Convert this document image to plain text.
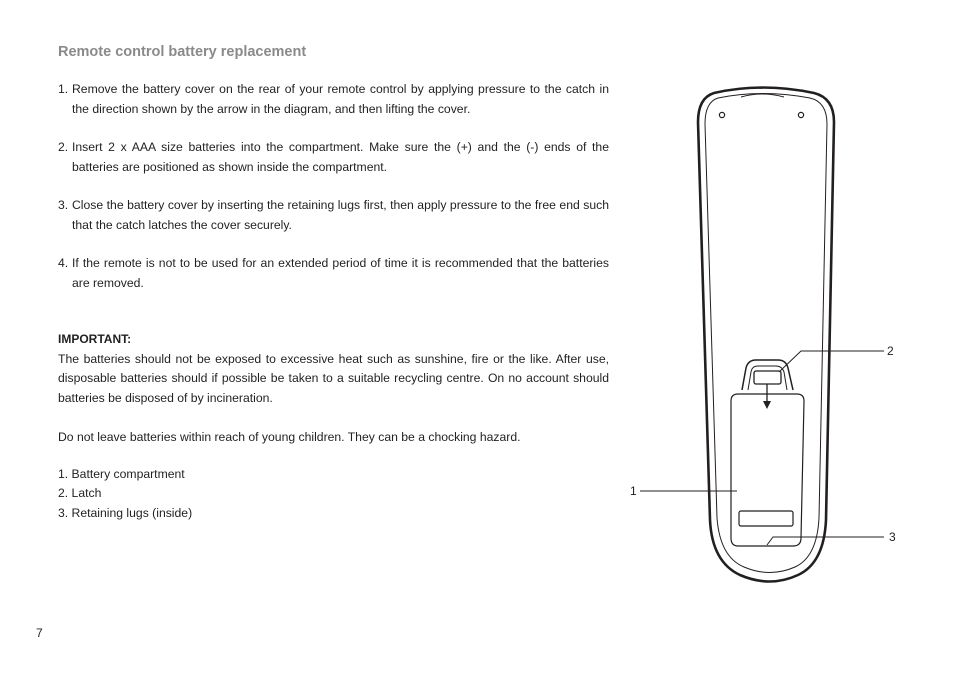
Remote control battery replacement
1. Remove the battery cover on the rear of your remote control by applying pressure to the catch in the direction shown by the arrow in the diagram, and then lifting the cover.
2. Insert 2 x AAA size batteries into the compartment. Make sure the (+) and the (-) ends of the batteries are positioned as shown inside the compartment.
3. Close the battery cover by inserting the retaining lugs first, then apply pressure to the free end such that the catch latches the cover securely.
4. If the remote is not to be used for an extended period of time it is recommended that the batteries are removed.
IMPORTANT:
The batteries should not be exposed to excessive heat such as sunshine, fire or the like. After use, disposable batteries should if possible be taken to a suitable recycling centre. On no account should batteries be disposed of by incineration.
Do not leave batteries within reach of young children. They can be a chocking hazard.
1. Battery compartment
2. Latch
3. Retaining lugs (inside)
1
2
3
7
